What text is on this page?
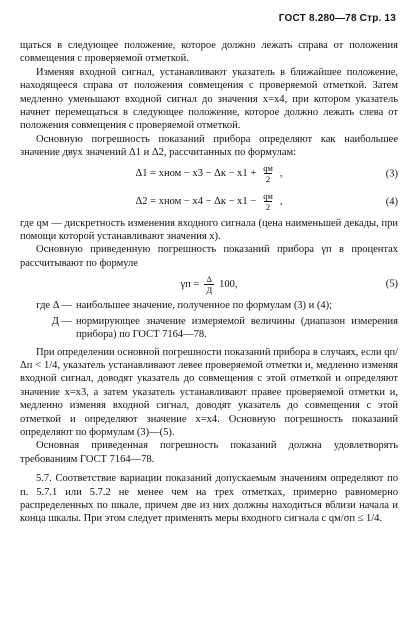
ГОСТ 8.280—78 Стр. 13

щаться в следующее положение, которое должно лежать справа от положения совмещения с проверяемой отметкой.

Изменяя входной сигнал, устанавливают указатель в ближайшее положение, находящееся справа от положения совмещения с проверяемой отметкой. Затем медленно уменьшают входной сигнал до значения x=x4, при котором указатель начнет перемещаться в следующее положение, которое должно лежать слева от положения совмещения с проверяемой отметкой.

Основную погрешность показаний прибора определяют как наибольшее значение двух значений Δ1 и Δ2, рассчитанных по формулам:

Δ1 = xном − $x3 - \Delta к - x1 + \frac{qм}{2}$ ,	(3)
Δ2 = xном − $x4 - \Delta к - x1 - \frac{qм}{2}$ ,	(4)

где qм — дискретность изменения входного сигнала (цена наименьшей декады, при помощи которой устанавливают значения x).

Основную приведенную погрешность показаний прибора γп в процентах рассчитывают по формуле

$\gamma п = \frac{\Delta}{Д} 100$,	(5)
где Δ — наибольшее значение, полученное по формулам (3) и (4);
Д — нормирующее значение измеряемой величины (диапазон измерения прибора) по ГОСТ 7164—78.

При определении основной погрешности показаний прибора в случаях, если qп/Δп < 1/4, указатель устанавливают левее проверяемой отметки и, медленно изменяя входной сигнал, доводят указатель до совмещения с этой отметкой и определяют значение x=x3, а затем указатель устанавливают правее проверяемой отметки и, медленно изменяя входной сигнал, доводят указатель до совмещения с этой отметкой и определяют значение x=x4. Основную погрешность показаний определяют по формулам (3)—(5).

Основная приведенная погрешность показаний должна удовлетворять требованиям ГОСТ 7164—78.

5.7. Соответствие вариации показаний допускаемым значениям определяют по п. 5.7.1 или 5.7.2 не менее чем на трех отметках, примерно равномерно распределенных по шкале, причем две из них должны находиться вблизи начала и конца шкалы. При этом следует применять меры входного сигнала с qм/σп ≤ 1/4.
